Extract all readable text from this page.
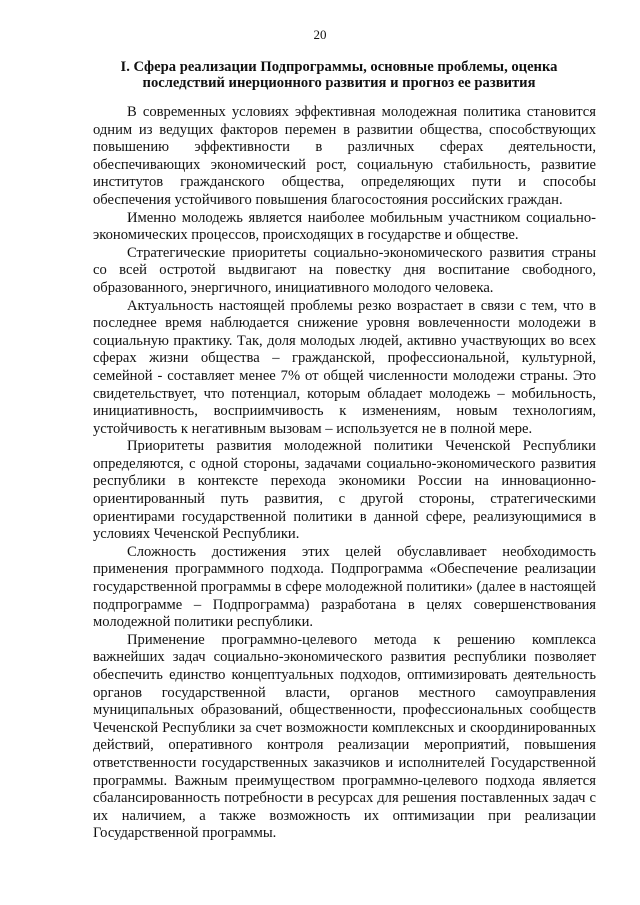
20
I. Сфера реализации Подпрограммы, основные проблемы, оценка последствий инерционного развития и прогноз ее развития

В современных условиях эффективная молодежная политика становится одним из ведущих факторов перемен в развитии общества, способствующих повышению эффективности в различных сферах деятельности, обеспечивающих экономический рост, социальную стабильность, развитие институтов гражданского общества, определяющих пути и способы обеспечения устойчивого повышения благосостояния российских граждан.

Именно молодежь является наиболее мобильным участником социально-экономических процессов, происходящих в государстве и обществе.

Стратегические приоритеты социально-экономического развития страны со всей остротой выдвигают на повестку дня воспитание свободного, образованного, энергичного, инициативного молодого человека.

Актуальность настоящей проблемы резко возрастает в связи с тем, что в последнее время наблюдается снижение уровня вовлеченности молодежи в социальную практику. Так, доля молодых людей, активно участвующих во всех сферах жизни общества – гражданской, профессиональной, культурной, семейной - составляет менее 7% от общей численности молодежи страны. Это свидетельствует, что потенциал, которым обладает молодежь – мобильность, инициативность, восприимчивость к изменениям, новым технологиям, устойчивость к негативным вызовам – используется не в полной мере.

Приоритеты развития молодежной политики Чеченской Республики определяются, с одной стороны, задачами социально-экономического развития республики в контексте перехода экономики России на инновационно-ориентированный путь развития, с другой стороны, стратегическими ориентирами государственной политики в данной сфере, реализующимися в условиях Чеченской Республики.

Сложность достижения этих целей обуславливает необходимость применения программного подхода. Подпрограмма «Обеспечение реализации государственной программы в сфере молодежной политики» (далее в настоящей подпрограмме – Подпрограмма) разработана в целях совершенствования молодежной политики республики.

Применение программно-целевого метода к решению комплекса важнейших задач социально-экономического развития республики позволяет обеспечить единство концептуальных подходов, оптимизировать деятельность органов государственной власти, органов местного самоуправления муниципальных образований, общественности, профессиональных сообществ Чеченской Республики за счет возможности комплексных и скоординированных действий, оперативного контроля реализации мероприятий, повышения ответственности государственных заказчиков и исполнителей Государственной программы. Важным преимуществом программно-целевого подхода является сбалансированность потребности в ресурсах для решения поставленных задач с их наличием, а также возможность их оптимизации при реализации Государственной программы.
